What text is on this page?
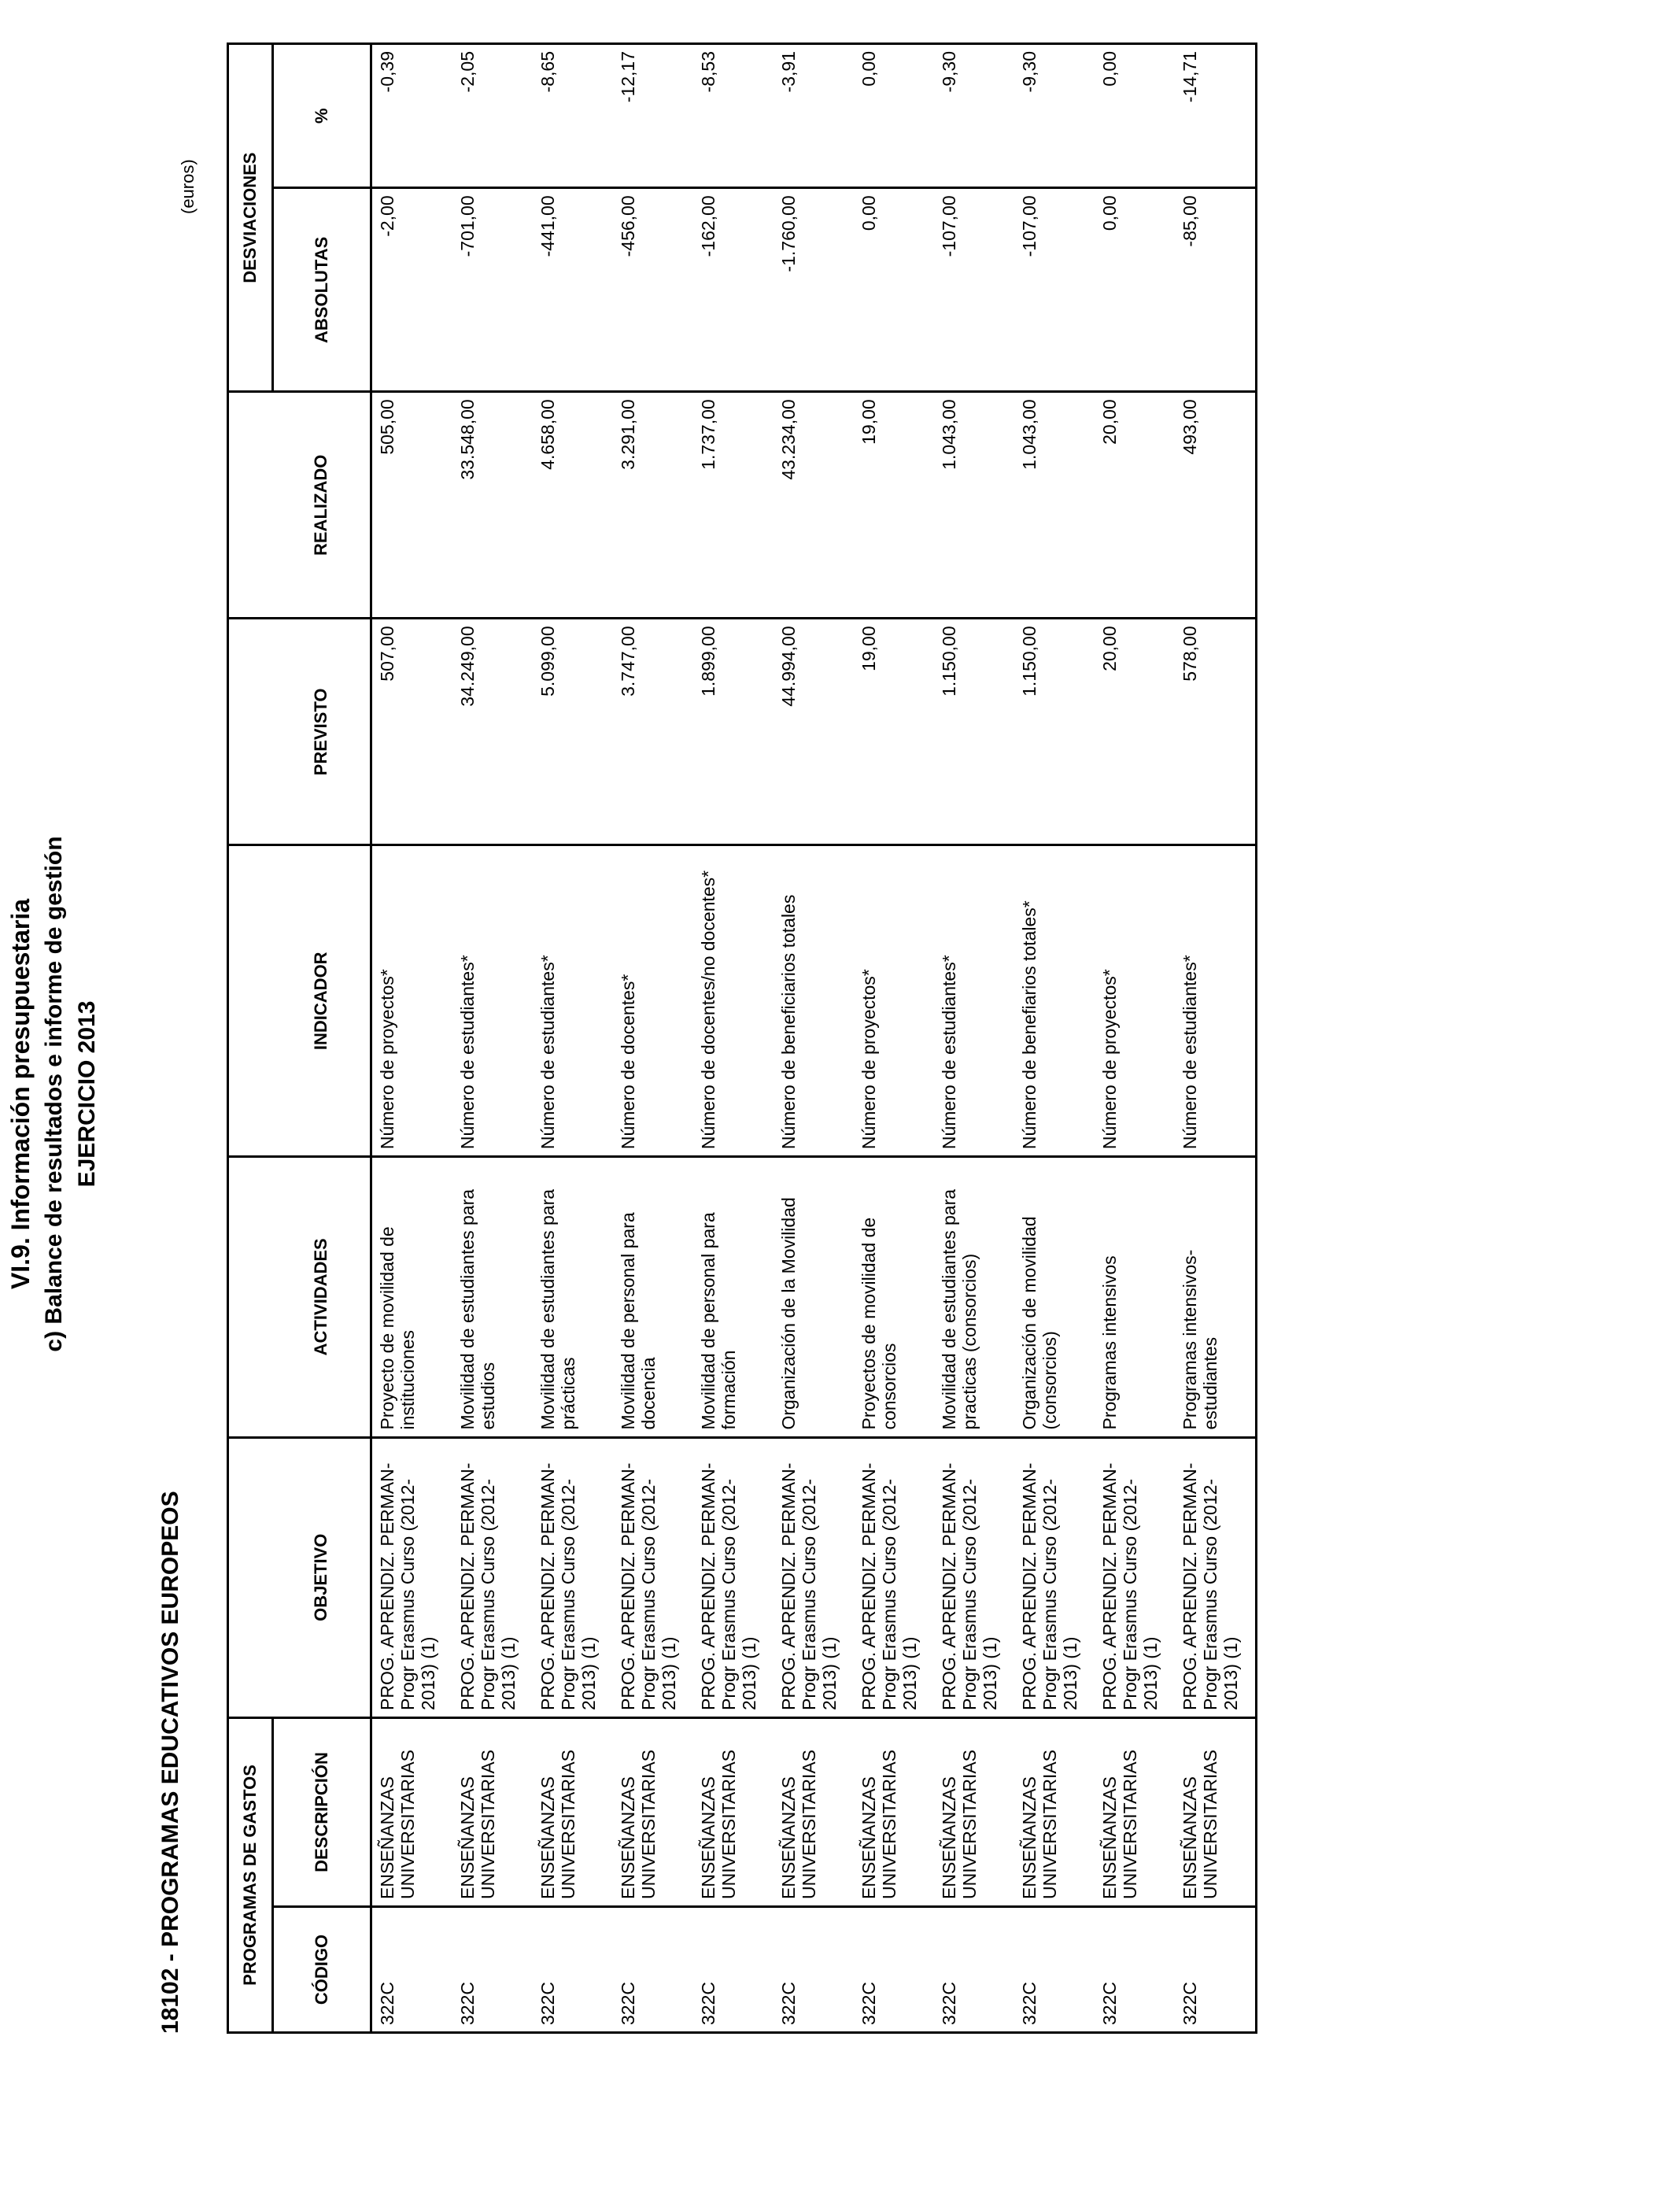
VI.9. Información presupuestaria c) Balance de resultados e informe de gestión EJERCICIO 2013
18102 - PROGRAMAS EDUCATIVOS EUROPEOS
(euros)
PROGRAMAS DE GASTOS							DESVIACIONES	
CÓDIGO	DESCRIPCIÓN	OBJETIVO	ACTIVIDADES	INDICADOR	PREVISTO	REALIZADO	ABSOLUTAS	%
322C	ENSEÑANZAS UNIVERSITARIAS	PROG. APRENDIZ. PERMAN-Progr Erasmus Curso (2012-2013) (1)	Proyecto de movilidad de instituciones	Número de proyectos*	507,00	505,00	-2,00	-0,39
322C	ENSEÑANZAS UNIVERSITARIAS	PROG. APRENDIZ. PERMAN-Progr Erasmus Curso (2012-2013) (1)	Movilidad de estudiantes para estudios	Número de estudiantes*	34.249,00	33.548,00	-701,00	-2,05
322C	ENSEÑANZAS UNIVERSITARIAS	PROG. APRENDIZ. PERMAN-Progr Erasmus Curso (2012-2013) (1)	Movilidad de estudiantes para prácticas	Número de estudiantes*	5.099,00	4.658,00	-441,00	-8,65
322C	ENSEÑANZAS UNIVERSITARIAS	PROG. APRENDIZ. PERMAN-Progr Erasmus Curso (2012-2013) (1)	Movilidad de personal para docencia	Número de docentes*	3.747,00	3.291,00	-456,00	-12,17
322C	ENSEÑANZAS UNIVERSITARIAS	PROG. APRENDIZ. PERMAN-Progr Erasmus Curso (2012-2013) (1)	Movilidad de personal para formación	Número de docentes/no docentes*	1.899,00	1.737,00	-162,00	-8,53
322C	ENSEÑANZAS UNIVERSITARIAS	PROG. APRENDIZ. PERMAN-Progr Erasmus Curso (2012-2013) (1)	Organización de la Movilidad	Número de beneficiarios totales	44.994,00	43.234,00	-1.760,00	-3,91
322C	ENSEÑANZAS UNIVERSITARIAS	PROG. APRENDIZ. PERMAN-Progr Erasmus Curso (2012-2013) (1)	Proyectos de movilidad de consorcios	Número de proyectos*	19,00	19,00	0,00	0,00
322C	ENSEÑANZAS UNIVERSITARIAS	PROG. APRENDIZ. PERMAN-Progr Erasmus Curso (2012-2013) (1)	Movilidad de estudiantes para practicas (consorcios)	Número de estudiantes*	1.150,00	1.043,00	-107,00	-9,30
322C	ENSEÑANZAS UNIVERSITARIAS	PROG. APRENDIZ. PERMAN-Progr Erasmus Curso (2012-2013) (1)	Organización de movilidad (consorcios)	Número de benefiarios totales*	1.150,00	1.043,00	-107,00	-9,30
322C	ENSEÑANZAS UNIVERSITARIAS	PROG. APRENDIZ. PERMAN-Progr Erasmus Curso (2012-2013) (1)	Programas intensivos	Número de proyectos*	20,00	20,00	0,00	0,00
322C	ENSEÑANZAS UNIVERSITARIAS	PROG. APRENDIZ. PERMAN-Progr Erasmus Curso (2012-2013) (1)	Programas intensivos-estudiantes	Número de estudiantes*	578,00	493,00	-85,00	-14,71
